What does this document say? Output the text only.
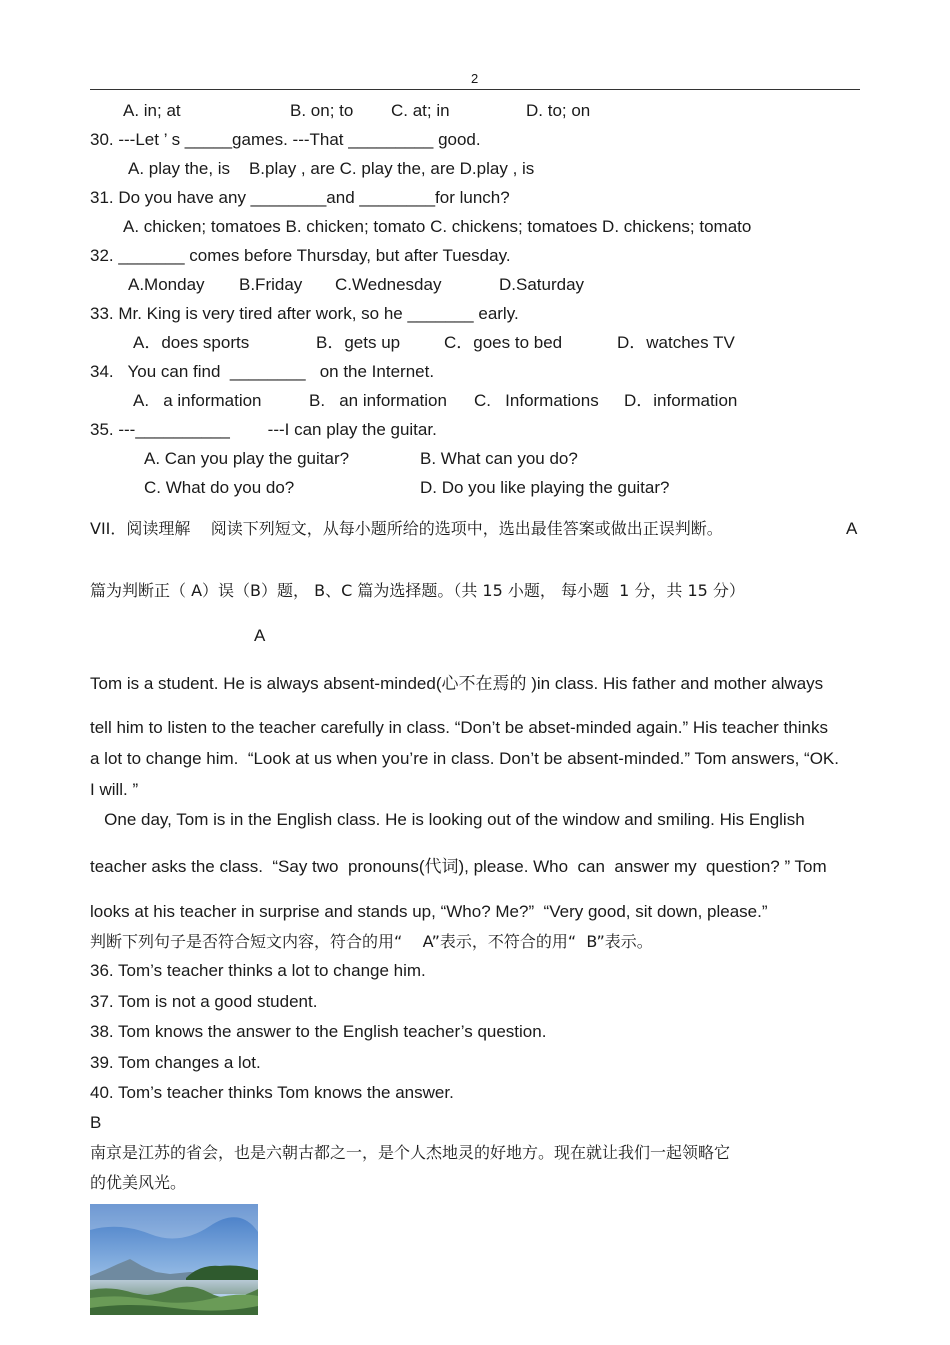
2
A. in; at	B. on; to C. at; in	D. to; on
30. ---Let ’ s _____games. ---That _________ good.
A. play the, is    B.play , are C. play the, are D.play , is
31. Do you have any ________and ________for lunch?
A. chicken; tomatoes B. chicken; tomato C. chickens; tomatoes D. chickens; tomato
32. _______ comes before Thursday, but after Tuesday.
A.Monday B.Friday C.Wednesday	D.Saturday
33. Mr. King is very tired after work, so he _______ early.
A．does sports	B．gets up	C．goes to bed	D．watches TV
34.   You can find  ________   on the Internet.
A.   a information	B.   an information C.   Informations D．information
35. ---__________        ---I can play the guitar.
A. Can you play the guitar?	B. What can you do?
C. What do you do?	D. Do you like playing the guitar?
VII．阅读理解    阅读下列短文，从每小题所给的选项中，选出最佳答案或做出正误判断。	A
篇为判断正（ A）误（B）题， B、C 篇为选择题。（共 15 小题， 每小题  1 分，共 15 分）
A
Tom is a student. He is always absent-minded(心不在焉的 )in class. His father and mother always
tell him to listen to the teacher carefully in class. “Don’t be abset-minded again.” His teacher thinks
a lot to change him.  “Look at us when you’re in class. Don’t be absent-minded.” Tom answers, “OK.
I will. ”
One day, Tom is in the English class. He is looking out of the window and smiling. His English
teacher asks the class.  “Say two  pronouns(代词), please. Who  can  answer my  question? ” Tom
looks at his teacher in surprise and stands up, “Who? Me?”  “Very good, sit down, please.”
判断下列句子是否符合短文内容，符合的用“    A”表示，不符合的用“  B”表示。
36. Tom’s teacher thinks a lot to change him.
37. Tom is not a good student.
38. Tom knows the answer to the English teacher’s question.
39. Tom changes a lot.
40. Tom’s teacher thinks Tom knows the answer.
B
南京是江苏的省会，也是六朝古都之一，是个人杰地灵的好地方。现在就让我们一起领略它
的优美风光。
